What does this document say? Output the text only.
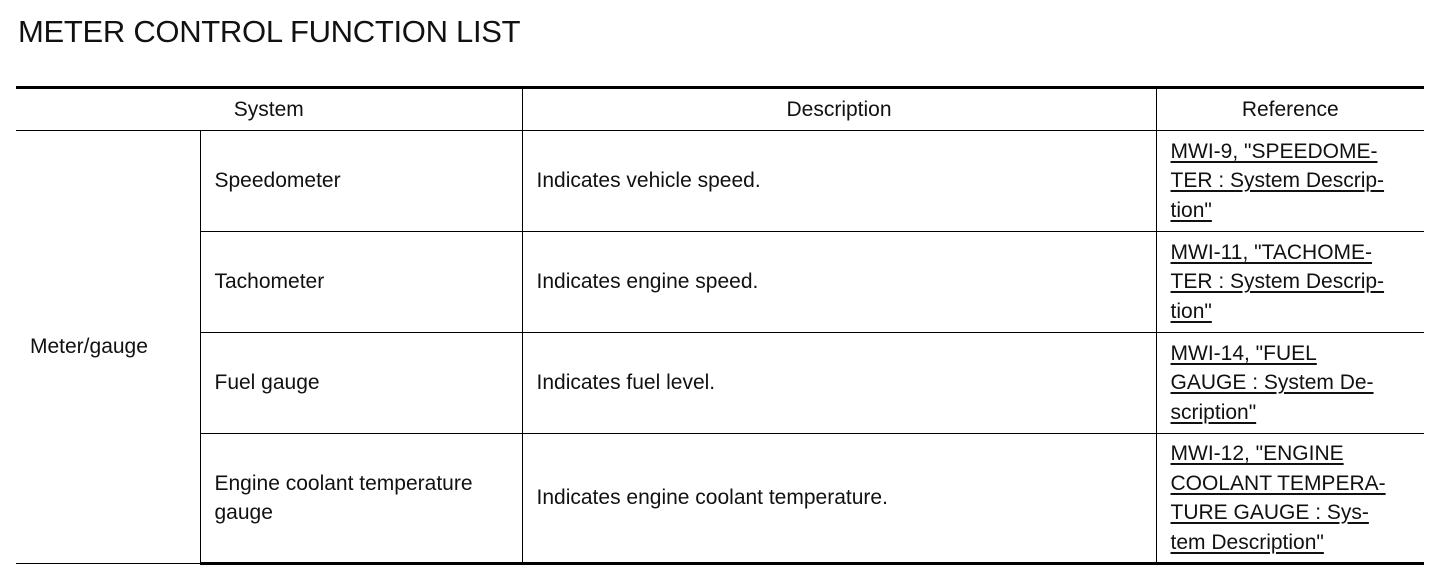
METER CONTROL FUNCTION LIST
System		Description	Reference
Meter/gauge	Speedometer	Indicates vehicle speed.	MWI-9, "SPEEDOME-
TER : System Descrip-
tion"
	Tachometer	Indicates engine speed.	MWI-11, "TACHOME-
TER : System Descrip-
tion"
	Fuel gauge	Indicates fuel level.	MWI-14, "FUEL
GAUGE : System De-
scription"
	Engine coolant temperature
gauge	Indicates engine coolant temperature.	MWI-12, "ENGINE
COOLANT TEMPERA-
TURE GAUGE : Sys-
tem Description"
